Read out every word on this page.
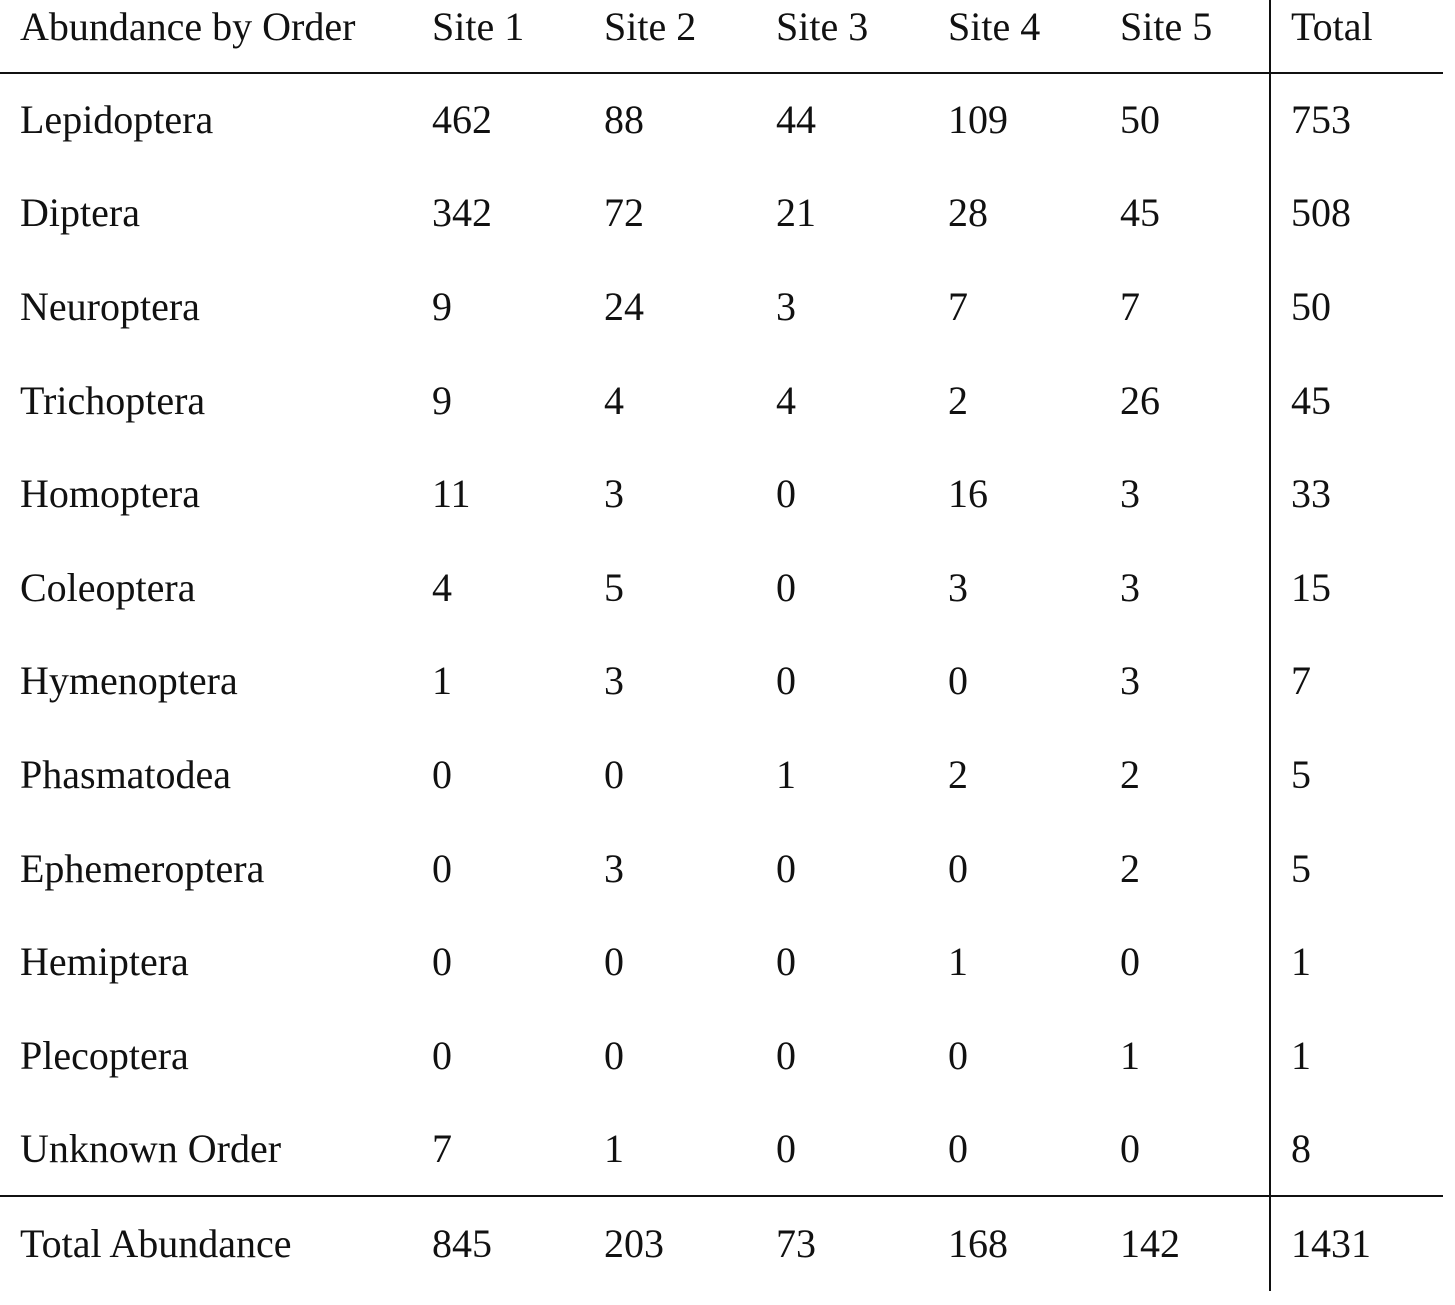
Abundance by Order	Site 1	Site 2	Site 3	Site 4	Site 5	Total
Lepidoptera	462	88	44	109	50	753
Diptera	342	72	21	28	45	508
Neuroptera	9	24	3	7	7	50
Trichoptera	9	4	4	2	26	45
Homoptera	11	3	0	16	3	33
Coleoptera	4	5	0	3	3	15
Hymenoptera	1	3	0	0	3	7
Phasmatodea	0	0	1	2	2	5
Ephemeroptera	0	3	0	0	2	5
Hemiptera	0	0	0	1	0	1
Plecoptera	0	0	0	0	1	1
Unknown Order	7	1	0	0	0	8
Total Abundance	845	203	73	168	142	1431
